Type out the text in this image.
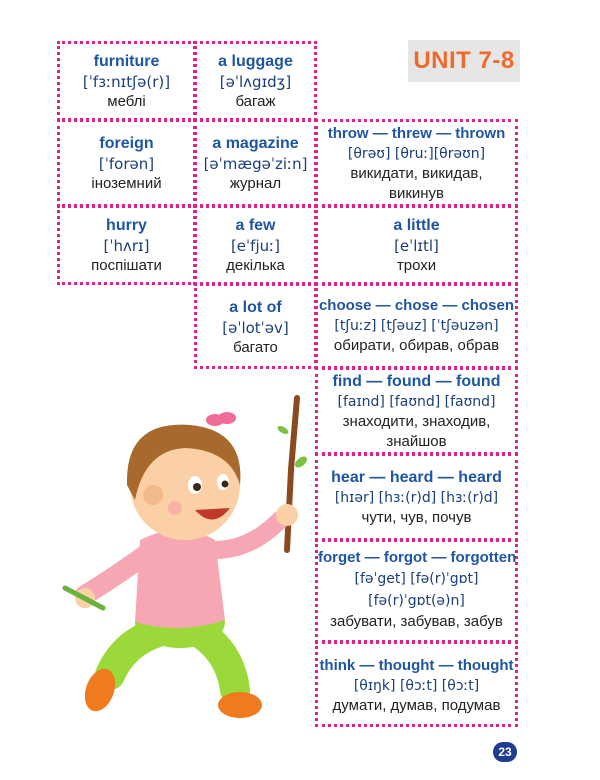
UNIT 7-8
furniture
[ˈfɜːnɪtʃə(r)]
меблі
a luggage
[əˈlʌgɪdʒ]
багаж
foreign
[ˈforən]
іноземний
a magazine
[əˈmægəˈziːn]
журнал
throw — threw — thrown
[θrəʊ] [θruː][θrəʊn]
викидати, викидав, викинув
hurry
[ˈhʌrɪ]
поспішати
a few
[eˈfjuː]
декілька
a little
[eˈlɪtl]
трохи
a lot of
[əˈlotˈəv]
багато
choose — chose — chosen
[tʃuːz] [tʃəuz] [ˈtʃəuzən]
обирати, обирав, обрав
find — found — found
[faɪnd] [faʊnd] [faʊnd]
знаходити, знаходив, знайшов
hear — heard — heard
[hɪər] [hɜː(r)d] [hɜː(r)d]
чути, чув, почув
forget — forgot — forgotten
[fəˈget] [fə(r)ˈgɒt] [fə(r)ˈgɒt(ə)n]
забувати, забував, забув
think — thought — thought
[θɪŋk] [θɔːt] [θɔːt]
думати, думав, подумав
23
